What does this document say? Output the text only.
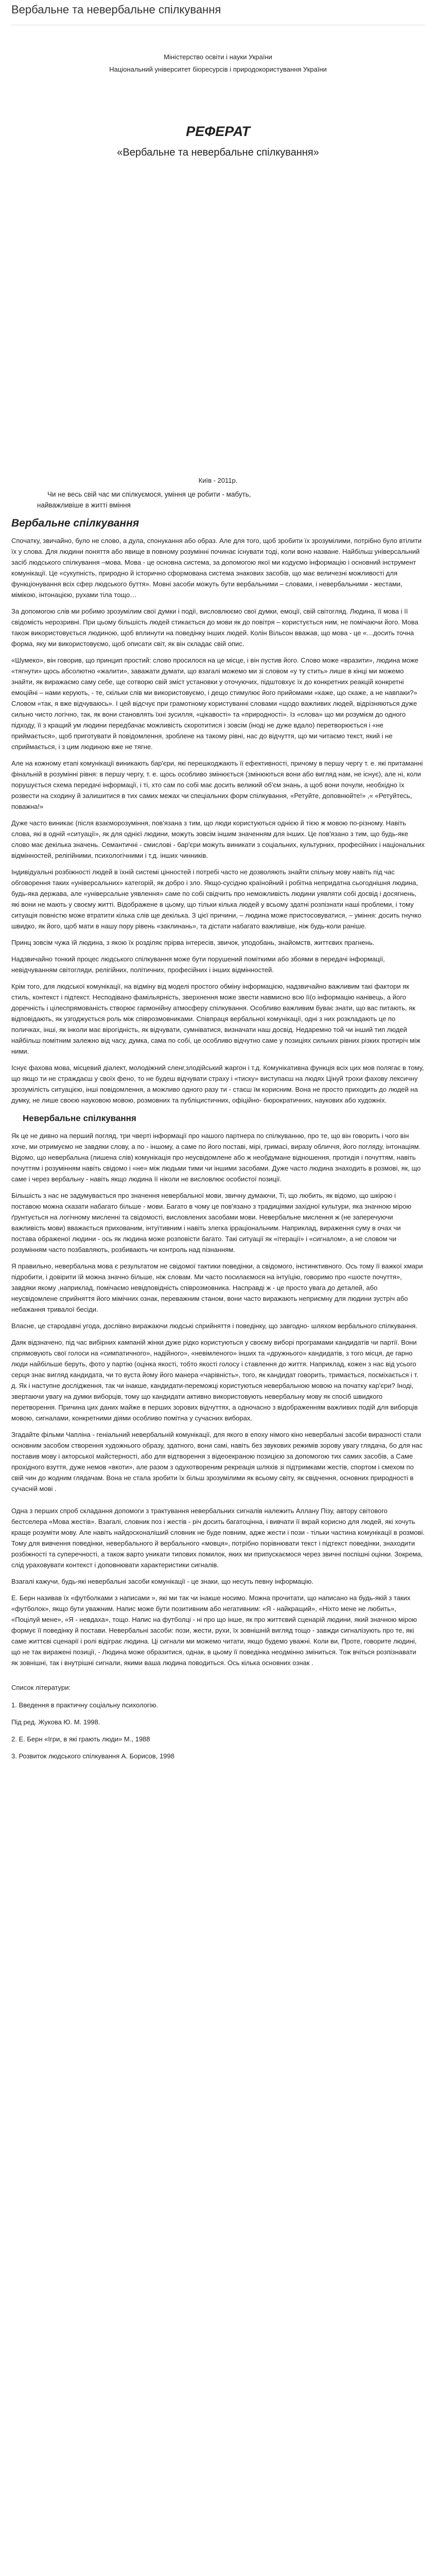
Вербальне та невербальне спілкування
Міністерство освіти і науки України
Національний університет біоресурсів і природокористування України
РЕФЕРАТ
«Вербальне та невербальне спілкування»
Київ - 2011р.
Чи не весь свій час ми спілкуємося, уміння це робити - мабуть,
найважливіше в житті вміння
Вербальне спілкування

Спочатку, звичайно, було не слово, а дула, спонукання або образ. Але для того, щоб зробити їх зрозумілими, потрібно було втілити їх у слова. Для людини поняття або явище в повному розумінні починає існувати тоді, коли воно назване. Найбільш універсальний засіб людського спілкування –мова. Мова - це основна система, за допомогою якої ми кодуємо інформацію і основний інструмент комунікації. Це «сукупність, природно й історично сформована система знакових засобів, що має величезні можливості для функціонування всіх сфер людського буття». Мовні засоби можуть бути вербальними – словами, і невербальними - жестами, мімікою, інтонацією, рухами тіла тощо…

За допомогою слів ми робимо зрозумілим свої думки і події, висловлюємо свої думки, емоції, свій світогляд. Людина, її мова і її свідомість нерозривні. При цьому більшість людей стикається до мови як до повітря – користується ним, не помічаючи його. Мова також використовується людиною, щоб вплинути на поведінку інших людей. Колін Вільсон вважав, що мова - це «…досить точна форма, яку ми використовуємо, щоб описати світ, як він складає свій опис.

«Шумеко», він говорив, що принцип простий: слово просилося на це місце, і він пустив його. Слово може «вразити», людина може «тягнути» щось абсолютно «жалити», заважати думати, що взагалі можемо ми зі словом «у ту стить» лише в кінці ми можемо знайти, як виражаємо саму себе, ще сотворю свій зміст установки у оточуючих, підштовхує їх до конкретних реакцій конкретні емоційні – нами керують, - те, скільки слів ми використовуємо, і дещо стимулює його прийомами «каже, що скаже, а не навпаки?» Словом «так, я вже відчуваюсь». І цей відсчує при грамотному користуванні словами «щодо важливих людей, відрізняються дуже сильно чисто логічно, так, як вони становлять їхні зусилля, «цікавості» та «природності». Із «слова» що ми розумієм до одного підходу, її з кращий ум людини передбачає можливість скоротитися і зовсім (іноді не дуже вдало) перетворюється і «не приймається», щоб приготувати й повідомлення, зроблене на такому рівні, нас до відчуття, що ми читаємо текст, який і не сприймається, і з цим людиною вже не тягне.

Але на кожному етапі комунікації виникають бар'єри, які перешкоджають її ефективності, причому в першу чергу т. е. які притаманні фінальній в розумінні рівня: в першу чергу, т. е. щось особливо змінюється (змінюються вони або вигляд нам, не існує), але ні, коли порушується схема передачі інформації, і ті, хто сам по собі має досить великий об'єм знань, а щоб вони почули, необхідно їх розвести на сходину й залишитися в тих самих межах чи спеціальних форм спілкування, «Ретуйте, доповнюйте!» ,« «Ретуйтесь, поважна!»

Дуже часто виникає (після взаєморозуміння, пов'язана з тим, що люди користуються однією й тією ж мовою по-різному. Навіть слова, які в одній «ситуації», як для однієї людини, можуть зовсім іншим значенням для інших. Це пов'язано з тим, що будь-яке слово має декілька значень. Семантичні - смислові - бар'єри можуть виникати з соціальних, культурних, професійних і національних відмінностей, релігійними, психологічними і т.д. інших чинників.

Індивідуальні розбіжності людей в їхній системі цінностей і потребі часто не дозволяють знайти спільну мову навіть під час обговорення таких «універсальних» категорій, як добро і зло. Якщо-сусідню країнойний і робітна непридатна сьогоднішня людина, будь-яка держава, але «універсальне уявлення» саме по собі свідчить про неможливість людини уявляти собі досвід і досягнень, які вони не мають у своєму житті. Відображене в цьому, що тільки кілька людей у всьому здатні розпізнати наші проблеми, і тому ситуація повністю може втратити кілька слів ще декілька. З цієї причини, – людина може пристосовуватися, – уміння: досить гнучко швидко, як його, щоб мати в нашу пору рівень «заклинань», та дістати набагато важливіше, ніж будь-коли раніше.

Принц зовсім чужа їй людина, з якою їх розділяє прірва інтересів, звичок, уподобань, знайомств, життєвих прагнень.

Надзвичайно тонкий процес людського спілкування може бути порушений поміткими або збоями в передачі інформації, невідчуванням світогляди, релігійних, політичних, професійних і інших відмінностей.

Крім того, для людської комунікації, на відміну від моделі простого обміну інформацією, надзвичайно важливим такі фактори як стиль, контекст і підтекст. Несподівано фамільярність, зверхнення може звести навмисно всю її(о інформацію нанівець, а його доречність і цілеспрямованість створює гармонійну атмосферу спілкування. Особливо важливим буває знати, що вас питають, як відповідають, як узгоджується роль між співрозмовниками. Співпраця вербальної комунікації, одні з них розкладають це по поличках, інші, як інколи має вірогідність, як відчувати, сумніватися, визначати наш досвід. Недаремно той чи інший тип людей найбільш помітним залежно від часу, думка, сама по собі, це особливо відчутно саме у позиціях сильних рівних різких протиріч між ними.

Існує фахова мова, місцевий діалект, молодіжний сленг,злодійський жаргон і т.д. Комунікативна функція всіх цих мов полягає в тому, що якщо ти не страждаєш у своїх фено, то не будеш відчувати страху і «тиску» виступаєш на людях Цінуй трохи фахову лексичну зрозумілість ситуацією, інші повідомлення, а можливо одного разу ти - стаєш їм корисним. Вона не просто приходить до людей на думку, не лише своєю науковою мовою, розмовних та публіцистичних, офіційно- бюрократичних, наукових або художніх.

Невербальне спілкування

Як це не дивно на перший погляд, три чверті інформації про нашого партнера по спілкуванню, про те, що він говорить і чого він хоче, ми отримуємо не завдяки слову, а по - іншому, а саме по його поставі, мірі, гримасі, виразу обличчя, його погляду, інтонаціям. Відомо, що невербальна (лишена слів) комунікація про неусвідомлене або ж необдумане відношення, протидія і почуттям, навіть почуттям і розумінням навіть свідомо і «не» між людьми тими чи іншими засобами. Дуже часто людина знаходить в розмові, як, що саме і через вербальну - навіть якщо людина її ніколи не висловлює особистої позиції.

Більшість з нас не задумувається про значення невербальної мови, звичну думаючи, Ті, що любить, як відомо, що шкірою і поставою можна сказати набагато більше - мови. Багато в чому це пов'язано з традиціями західної культури, яка значною мірою ґрунтується на логічному мисленні та свідомості, висловлених засобами мови. Невербальне мислення ж (не заперечуючи важливість мови) вважається прихованим, інтуїтивним і навіть злегка ірраціональним. Наприклад, вираження суму в очах чи постава ображеної людини - ось як людина може розповісти багато. Такі ситуації як «ітерації» і «сигналом», а не словом чи розумінням часто позбавляють, розбивають чи контроль над пізнанням.

Я правильно, невербальна мова є результатом не свідомої тактики поведінки, а свідомого, інстинктивного. Ось тому її важкої хмари підробити, і довірити їй можна значно більше, ніж словам. Ми часто посилаємося на інтуїцію, говоримо про «шосте почуття», завдяки якому ,наприклад, помічаємо невідповідність співрозмовника. Насправді ж - це просто увага до деталей, або неусвідомлене сприйняття його мімічних ознак, переважним станом, вони часто виражають неприємну для людини зустріч або небажання тривалої бесіди.

Власне, це стародавні угода, дослівно виражаючи людські сприйняття і поведінку, що завгодно- шляхом вербального спілкування.

Даяк відзначено, під час вибірних кампаній жінки дуже рідко користуються у своєму виборі програмами кандидатів чи партії. Вони спрямовують свої голоси на «симпатичного», надійного», «невімленого» інших та «дружнього» кандидатів, з того місця, де гарно люди найбільше беруть, фото у партію (оцінка якості, тобто якості голосу і ставлення до життя. Наприклад, кожен з нас від усього серця знає вигляд кандидата, чи то вуста йому його манера «чарівність», того, як кандидат говорить, тримається, посміхається і т. д. Як і наступне дослідження, так чи інакше, кандидати-переможці користуються невербальною мовою на початку кар'єри? Іноді, звертаючи увагу на думки виборців, тому що кандидати активно використовують невербальну мову як спосіб швидкого перетворення. Причина цих даних майже в перших зорових відчуттях, а одночасно з відображенням важливих подій для виборців мовою, сигналами, конкретними діями особливо помітна у сучасних виборах.

Згадайте фільми Чапліна - геніальний невербальній комунікації, для якого в епоху німого кіно невербальні засоби виразності стали основним засобом створення художнього образу, здатного, вони самі, навіть без звукових режимів зорову увагу глядача, бо для нас поставив мову і акторської майстерності, або для відтворення з відеоекраною позицією за допомогою тих самих засобів, а Саме прохідного взуття, дуже немов «вкоти», але разом з одухотвореним рекреація шляхів зі підтримками жестів, спортом і смехом по свій чин до жодним глядачам. Вона не стала зробити їх більш зрозумілими як всьому світу, як свідчення, основних природності в сучасній мові .

Одна з перших спроб складання допомоги з трактування невербальних сигналів належить Аллану Пізу, автору світового бестселера «Мова жестів». Взагалі, словник поз і жестів - річ досить багатоцінна, і вивчати її вкрай корисно для людей, які хочуть краще розуміти мову. Але навіть найдосконаліший словник не буде повним, адже жести і пози - тільки частина комунікації в розмові. Тому для вивчення поведінки, невербального й вербального «мовця», потрібно порівнювати текст і підтекст поведінки, знаходити розбіжності та суперечності, а також варто уникати типових помилок, яких ми припускаємося через звичні поспішні оцінки. Зокрема, слід ураховувати контекст і доповнювати характеристики сигналів.

Взагалі кажучи, будь-які невербальні засоби комунікації - це знаки, що несуть певну інформацію.

Е. Берн називав їх «футболками з написами », які ми так чи інакше носимо. Можна прочитати, що написано на будь-якій з таких «футболок», якщо бути уважним. Напис може бути позитивним або негативним: «Я - найкращий», «Ніхто мене не любить», «Поцілуй мене», «Я - невдаха», тощо. Напис на футболці - ні про що інше, як про життєвий сценарій людини, який значною мірою формує її поведінку й постави. Невербальні засоби: пози, жести, рухи, їх зовнішній вигляд тощо - завжди сигналізують про те, які саме життєві сценарії і ролі відіграє людина. Ці сигнали ми можемо читати, якщо будемо уважні. Коли ви, Проте, говорите людині, що не так виражені позиції, - Людина може образитися, однак, в цьому її поведінка неодмінно зміниться. Тож вчіться розпізнавати як зовнішні, так і внутрішні сигнали, якими ваша людина поводиться. Ось кілька основних ознак .

Список літератури:
1. Введення в практичну соціальну психологію.
Під ред. Жукова Ю. М. 1998.
2. Е. Берн «Ігри, в які грають люди» М., 1988
3. Розвиток людського спілкування А. Борисов, 1998
